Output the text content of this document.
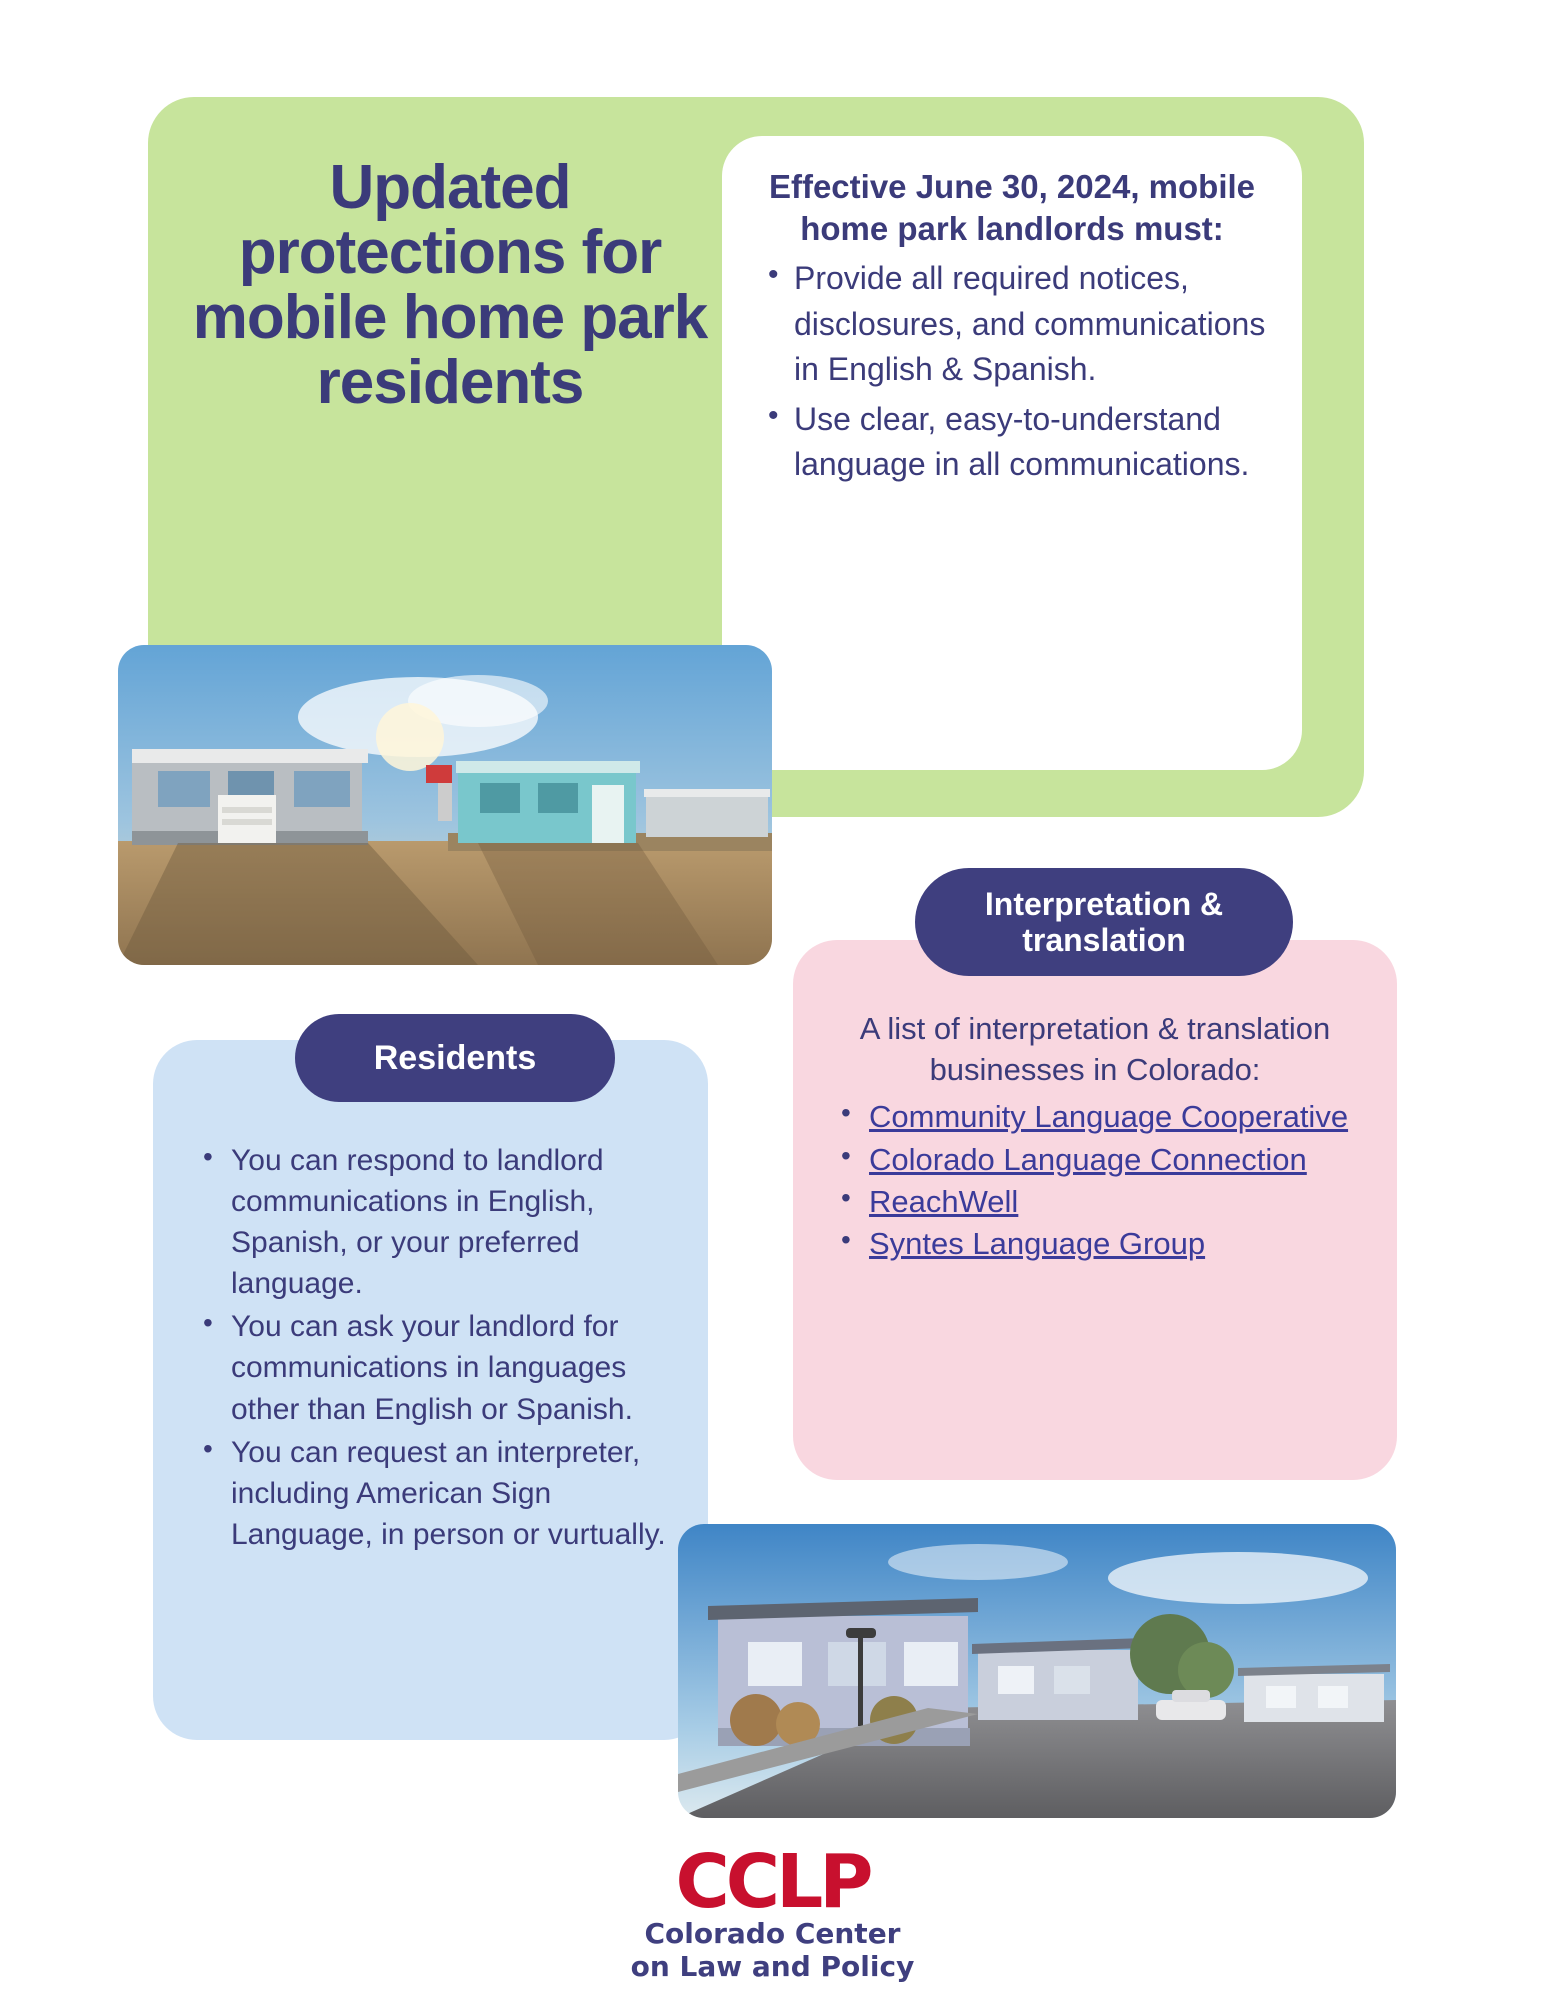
Updated protections for mobile home park residents
Effective June 30, 2024, mobile home park landlords must:
• Provide all required notices, disclosures, and communications in English & Spanish.
• Use clear, easy-to-understand language in all communications.
• You can respond to landlord communications in English, Spanish, or your preferred language.
• You can ask your landlord for communications in languages other than English or Spanish.
• You can request an interpreter, including American Sign Language, in person or vurtually.
Residents

A list of interpretation & translation businesses in Colorado:

• Community Language Cooperative
• Colorado Language Connection
• ReachWell
• Syntes Language Group
Interpretation & translation
CCLP
Colorado Center
on Law and Policy
